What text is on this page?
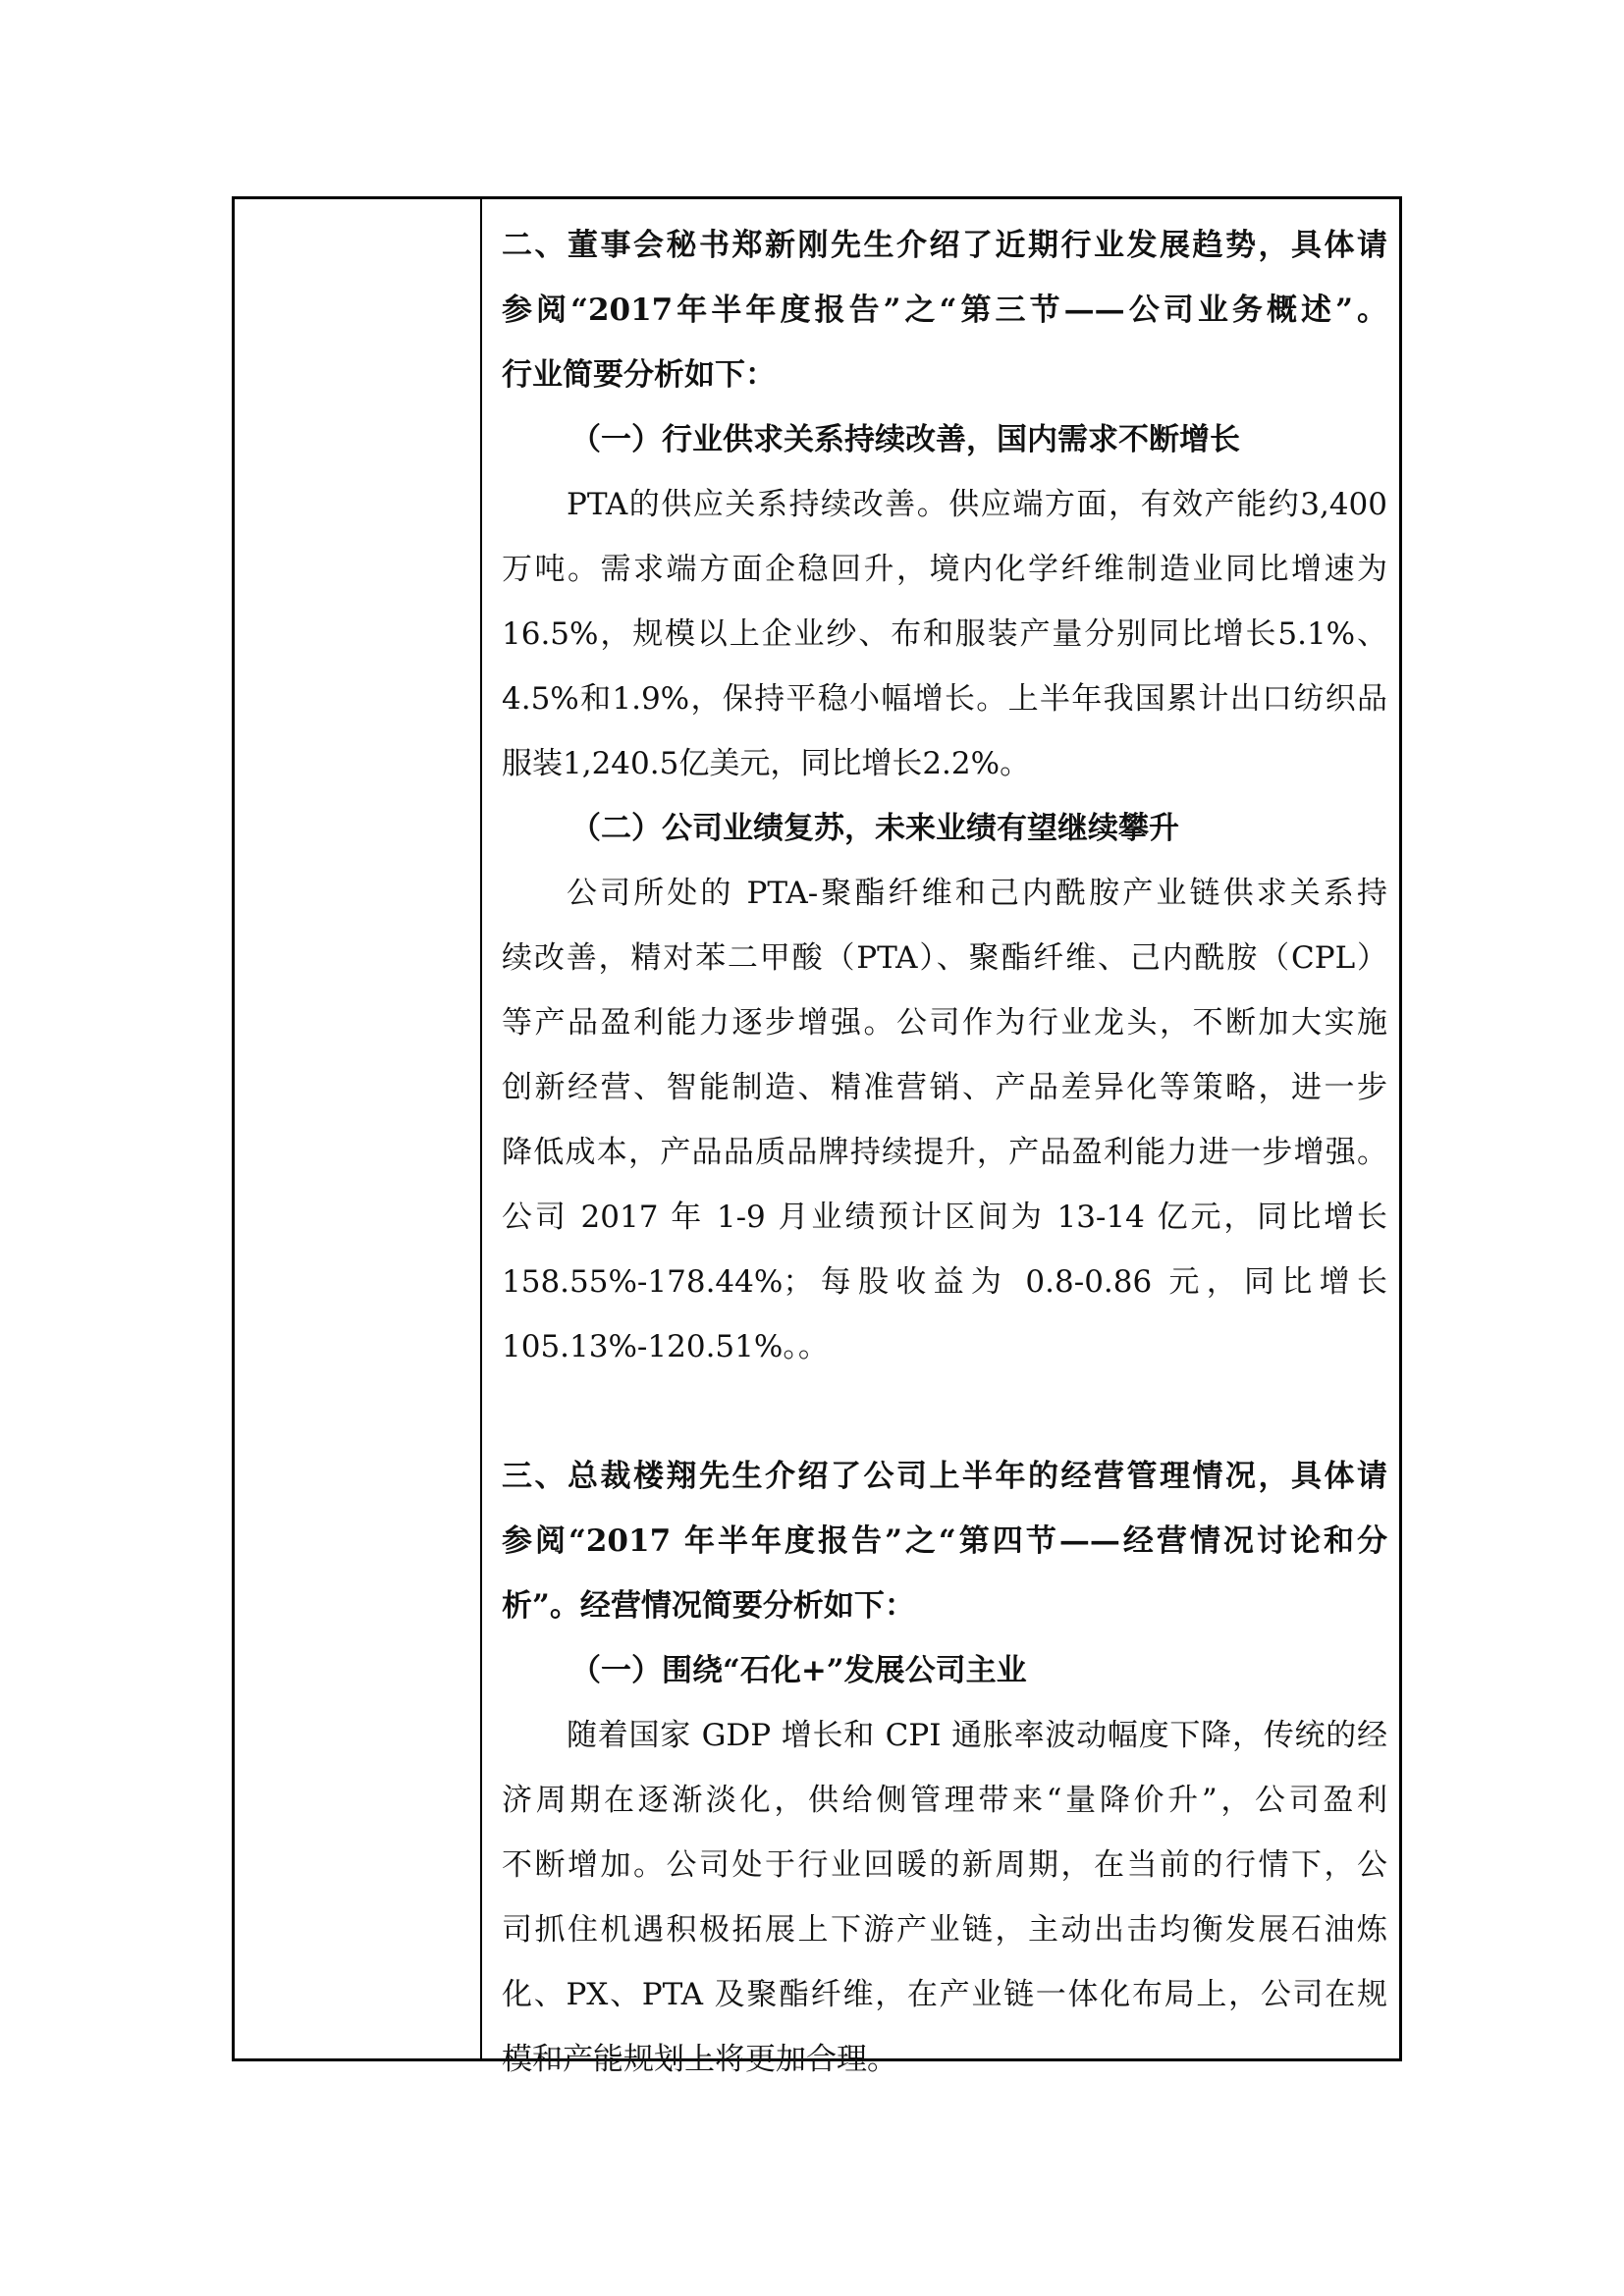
二、董事会秘书郑新刚先生介绍了近期行业发展趋势，具体请
参阅“2017年半年度报告”之“第三节——公司业务概述”。
行业简要分析如下：
（一）行业供求关系持续改善，国内需求不断增长
PTA的供应关系持续改善。供应端方面，有效产能约3,400
万吨。需求端方面企稳回升，境内化学纤维制造业同比增速为
16.5%，规模以上企业纱、布和服装产量分别同比增长5.1%、
4.5%和1.9%，保持平稳小幅增长。上半年我国累计出口纺织品
服装1,240.5亿美元，同比增长2.2%。
（二）公司业绩复苏，未来业绩有望继续攀升
公司所处的 PTA-聚酯纤维和己内酰胺产业链供求关系持
续改善，精对苯二甲酸（PTA）、聚酯纤维、己内酰胺（CPL）
等产品盈利能力逐步增强。公司作为行业龙头，不断加大实施
创新经营、智能制造、精准营销、产品差异化等策略，进一步
降低成本，产品品质品牌持续提升，产品盈利能力进一步增强。
公司 2017 年 1-9 月业绩预计区间为 13-14 亿元，同比增长
158.55%-178.44%；每股收益为 0.8-0.86 元，同比增长
105.13%-120.51%。。
三、总裁楼翔先生介绍了公司上半年的经营管理情况，具体请
参阅“2017 年半年度报告”之“第四节——经营情况讨论和分
析”。经营情况简要分析如下：
（一）围绕“石化+”发展公司主业
随着国家 GDP 增长和 CPI 通胀率波动幅度下降，传统的经
济周期在逐渐淡化，供给侧管理带来“量降价升”，公司盈利
不断增加。公司处于行业回暖的新周期，在当前的行情下，公
司抓住机遇积极拓展上下游产业链，主动出击均衡发展石油炼
化、PX、PTA 及聚酯纤维，在产业链一体化布局上，公司在规
模和产能规划上将更加合理。
